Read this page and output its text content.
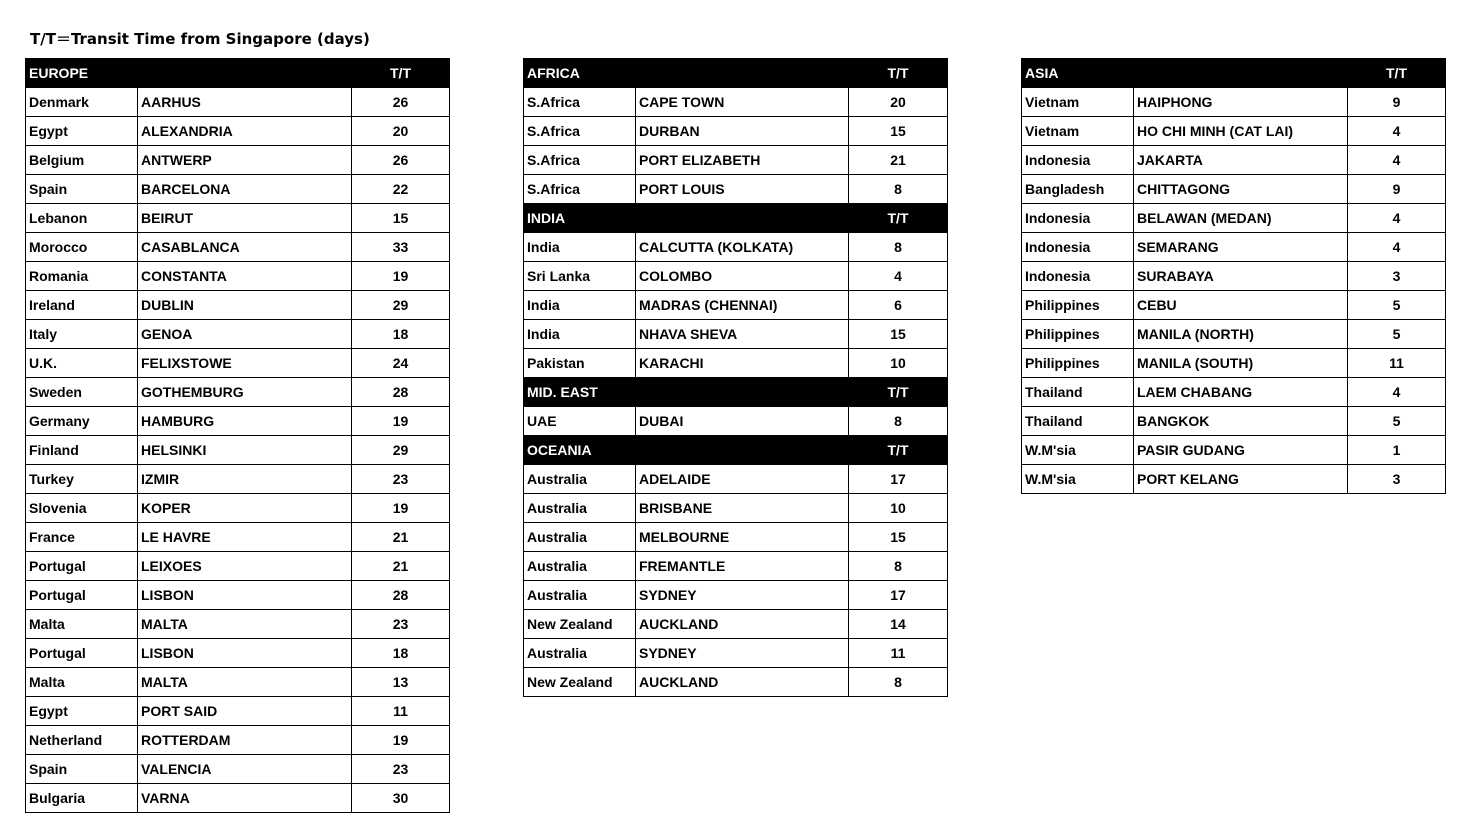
T/T＝Transit Time from Singapore (days)
EUROPE		T/T
Denmark	AARHUS	26
Egypt	ALEXANDRIA	20
Belgium	ANTWERP	26
Spain	BARCELONA	22
Lebanon	BEIRUT	15
Morocco	CASABLANCA	33
Romania	CONSTANTA	19
Ireland	DUBLIN	29
Italy	GENOA	18
U.K.	FELIXSTOWE	24
Sweden	GOTHEMBURG	28
Germany	HAMBURG	19
Finland	HELSINKI	29
Turkey	IZMIR	23
Slovenia	KOPER	19
France	LE HAVRE	21
Portugal	LEIXOES	21
Portugal	LISBON	28
Malta	MALTA	23
Portugal	LISBON	18
Malta	MALTA	13
Egypt	PORT SAID	11
Netherland	ROTTERDAM	19
Spain	VALENCIA	23
Bulgaria	VARNA	30
AFRICA		T/T
S.Africa	CAPE TOWN	20
S.Africa	DURBAN	15
S.Africa	PORT ELIZABETH	21
S.Africa	PORT LOUIS	8
INDIA		T/T
India	CALCUTTA (KOLKATA)	8
Sri Lanka	COLOMBO	4
India	MADRAS (CHENNAI)	6
India	NHAVA SHEVA	15
Pakistan	KARACHI	10
MID. EAST		T/T
UAE	DUBAI	8
OCEANIA		T/T
Australia	ADELAIDE	17
Australia	BRISBANE	10
Australia	MELBOURNE	15
Australia	FREMANTLE	8
Australia	SYDNEY	17
New Zealand	AUCKLAND	14
Australia	SYDNEY	11
New Zealand	AUCKLAND	8
ASIA		T/T
Vietnam	HAIPHONG	9
Vietnam	HO CHI MINH (CAT LAI)	4
Indonesia	JAKARTA	4
Bangladesh	CHITTAGONG	9
Indonesia	BELAWAN (MEDAN)	4
Indonesia	SEMARANG	4
Indonesia	SURABAYA	3
Philippines	CEBU	5
Philippines	MANILA (NORTH)	5
Philippines	MANILA (SOUTH)	11
Thailand	LAEM CHABANG	4
Thailand	BANGKOK	5
W.M'sia	PASIR GUDANG	1
W.M'sia	PORT KELANG	3
